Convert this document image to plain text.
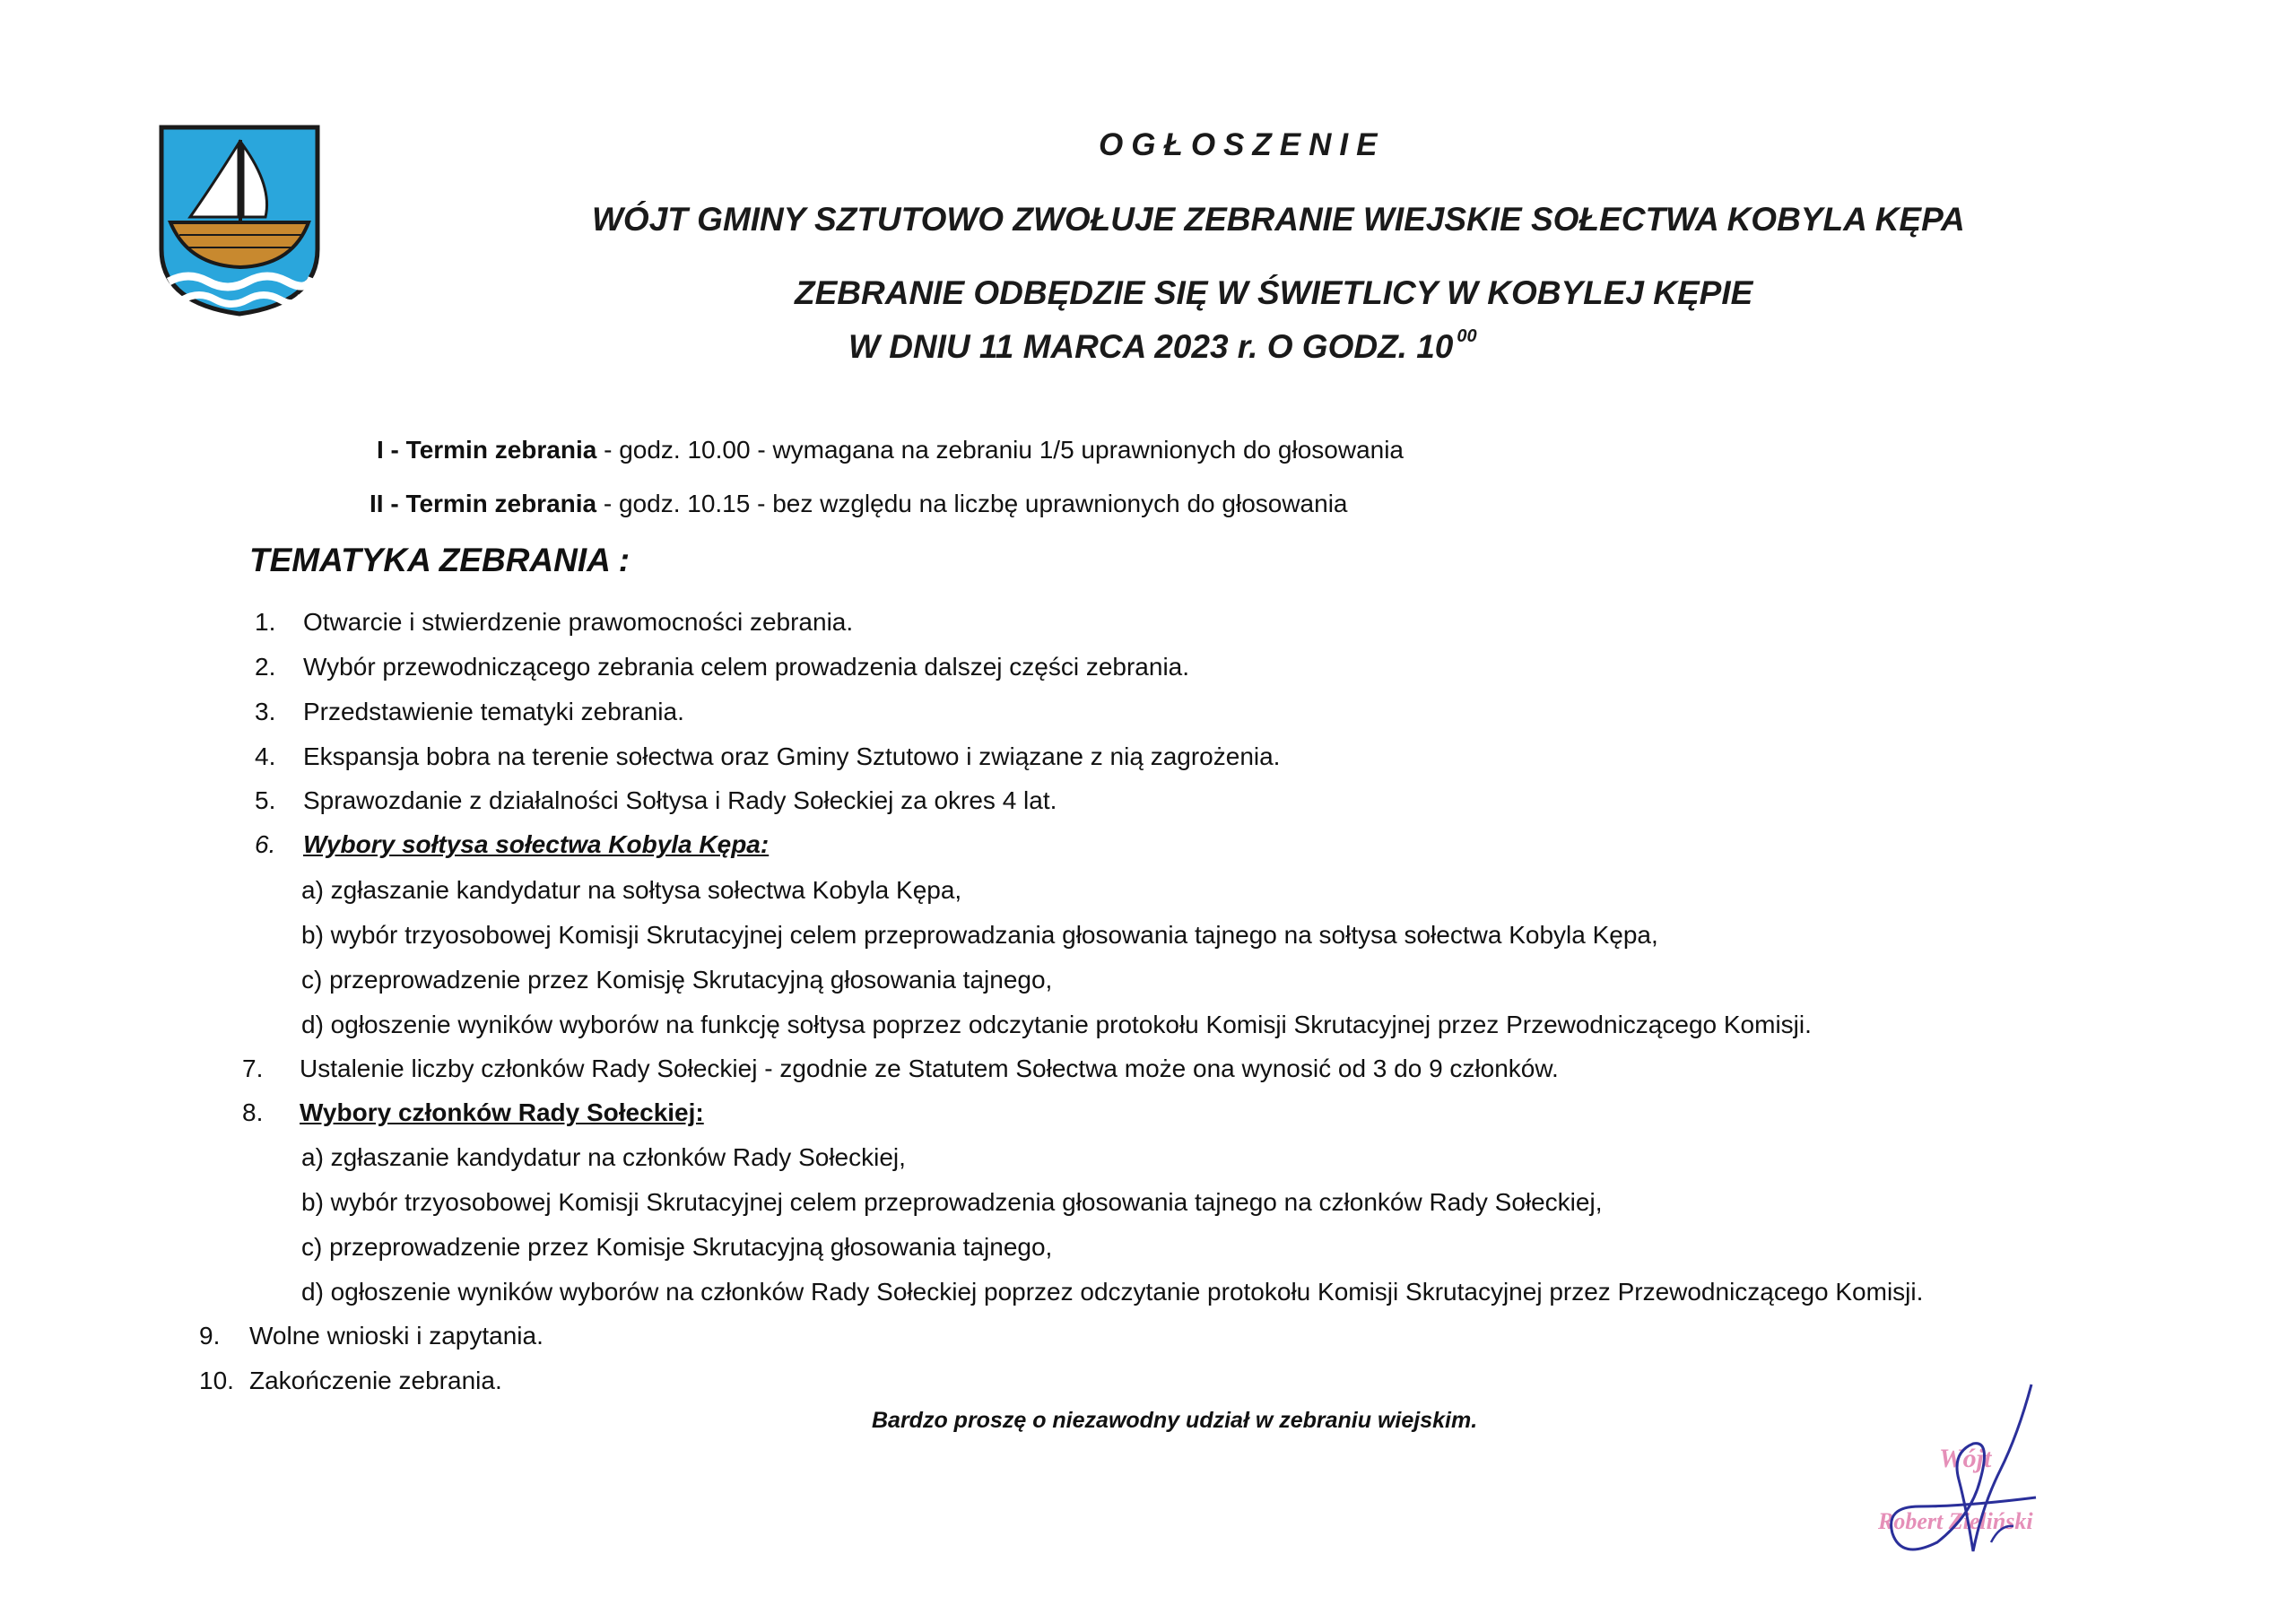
OGŁOSZENIE
WÓJT GMINY SZTUTOWO ZWOŁUJE ZEBRANIE WIEJSKIE SOŁECTWA KOBYLA KĘPA
ZEBRANIE ODBĘDZIE SIĘ W ŚWIETLICY W KOBYLEJ KĘPIE
W DNIU 11 MARCA 2023 r. O GODZ. 10 $^{00}$
I - Termin zebrania - godz. 10.00 - wymagana na zebraniu 1/5 uprawnionych do głosowania
II - Termin zebrania - godz. 10.15 - bez względu na liczbę uprawnionych do głosowania
TEMATYKA ZEBRANIA :
1. Otwarcie i stwierdzenie prawomocności zebrania.
2. Wybór przewodniczącego zebrania celem prowadzenia dalszej części zebrania.
3. Przedstawienie tematyki zebrania.
4. Ekspansja bobra na terenie sołectwa oraz Gminy Sztutowo i związane z nią zagrożenia.
5. Sprawozdanie z działalności Sołtysa i Rady Sołeckiej za okres 4 lat.
6. Wybory sołtysa sołectwa Kobyla Kępa:
a) zgłaszanie kandydatur na sołtysa sołectwa Kobyla Kępa,
b) wybór trzyosobowej Komisji Skrutacyjnej celem przeprowadzania głosowania tajnego na sołtysa sołectwa Kobyla Kępa,
c) przeprowadzenie przez Komisję Skrutacyjną głosowania tajnego,
d) ogłoszenie wyników wyborów na funkcję sołtysa poprzez odczytanie protokołu Komisji Skrutacyjnej przez Przewodniczącego Komisji.
7. Ustalenie liczby członków Rady Sołeckiej - zgodnie ze Statutem Sołectwa może ona wynosić od 3 do 9 członków.
8. Wybory członków Rady Sołeckiej:
a) zgłaszanie kandydatur na członków Rady Sołeckiej,
b) wybór trzyosobowej Komisji Skrutacyjnej celem przeprowadzenia głosowania tajnego na członków Rady Sołeckiej,
c) przeprowadzenie przez Komisje Skrutacyjną głosowania tajnego,
d) ogłoszenie wyników wyborów na członków Rady Sołeckiej poprzez odczytanie protokołu Komisji Skrutacyjnej przez Przewodniczącego Komisji.
9. Wolne wnioski i zapytania.
10. Zakończenie zebrania.
Bardzo proszę o niezawodny udział w zebraniu wiejskim.
Wójt
Robert Zieliński
